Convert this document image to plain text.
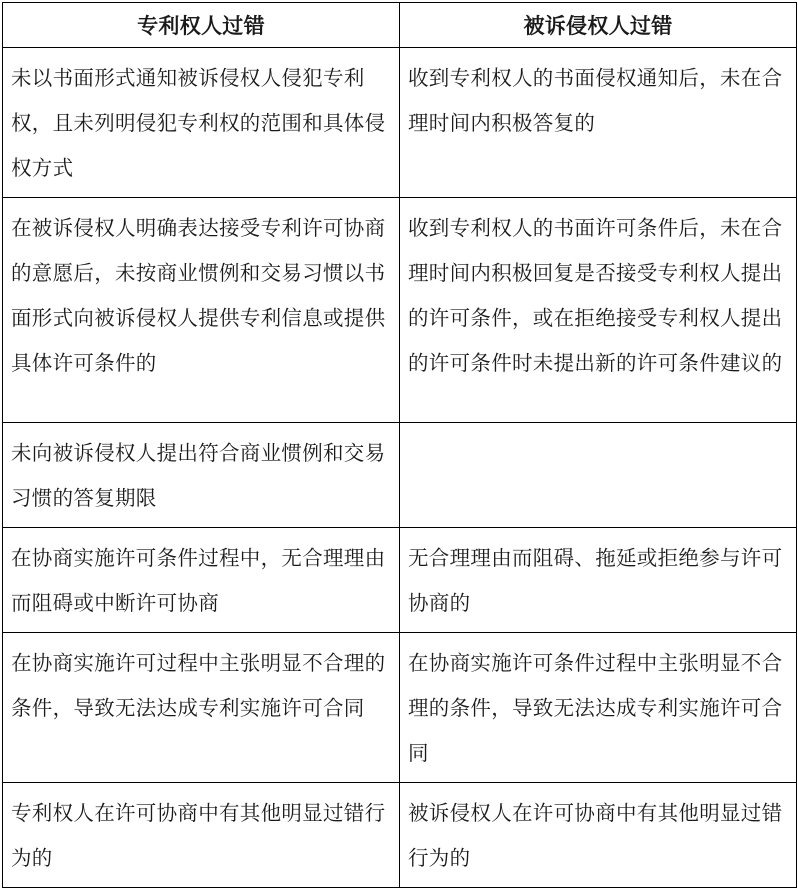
专利权人过错	被诉侵权人过错
未以书面形式通知被诉侵权人侵犯专利权，且未列明侵犯专利权的范围和具体侵权方式	收到专利权人的书面侵权通知后，未在合理时间内积极答复的
在被诉侵权人明确表达接受专利许可协商的意愿后，未按商业惯例和交易习惯以书面形式向被诉侵权人提供专利信息或提供具体许可条件的	收到专利权人的书面许可条件后，未在合理时间内积极回复是否接受专利权人提出的许可条件，或在拒绝接受专利权人提出的许可条件时未提出新的许可条件建议的
未向被诉侵权人提出符合商业惯例和交易习惯的答复期限	
在协商实施许可条件过程中，无合理理由而阻碍或中断许可协商	无合理理由而阻碍、拖延或拒绝参与许可协商的
在协商实施许可过程中主张明显不合理的条件，导致无法达成专利实施许可合同	在协商实施许可条件过程中主张明显不合理的条件，导致无法达成专利实施许可合同
专利权人在许可协商中有其他明显过错行为的	被诉侵权人在许可协商中有其他明显过错行为的
